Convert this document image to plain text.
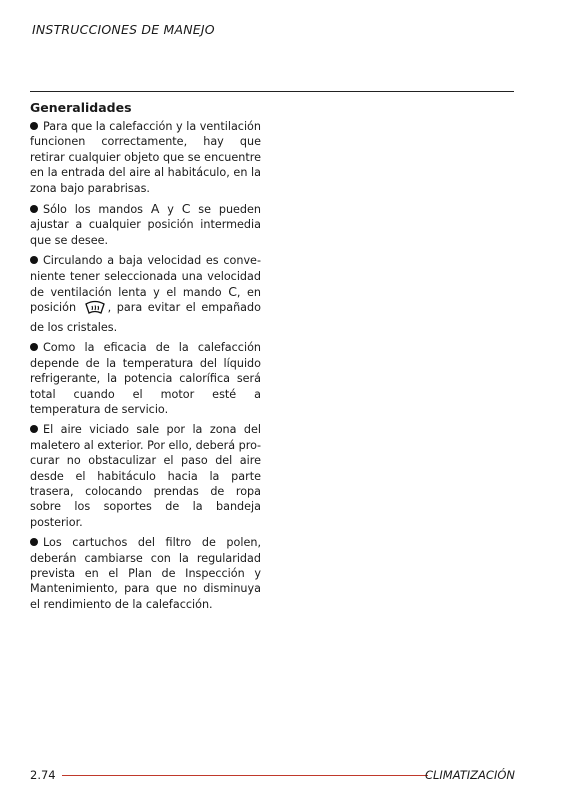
INSTRUCCIONES DE MANEJO
Generalidades

Para que la calefacción y la ventilación funcionen correctamente, hay que retirar cualquier objeto que se encuentre en la entrada del aire al habitáculo, en la zona bajo parabrisas.

Sólo los mandos A y C se pueden ajustar a cualquier posición intermedia que se desee.

Circulando a baja velocidad es conveniente tener seleccionada una velocidad de ventilación lenta y el mando C, en posición , para evitar el empañado de los cristales.

Como la eficacia de la calefacción depende de la temperatura del líquido refrigerante, la potencia calorífica será total cuando el motor esté a temperatura de servicio.

El aire viciado sale por la zona del maletero al exterior. Por ello, deberá procurar no obstaculizar el paso del aire desde el habitáculo hacia la parte trasera, colocando prendas de ropa sobre los soportes de la bandeja posterior.

Los cartuchos del filtro de polen, deberán cambiarse con la regularidad prevista en el Plan de Inspección y Mantenimiento, para que no disminuya el rendimiento de la calefacción.

2.74	CLIMATIZACIÓN
